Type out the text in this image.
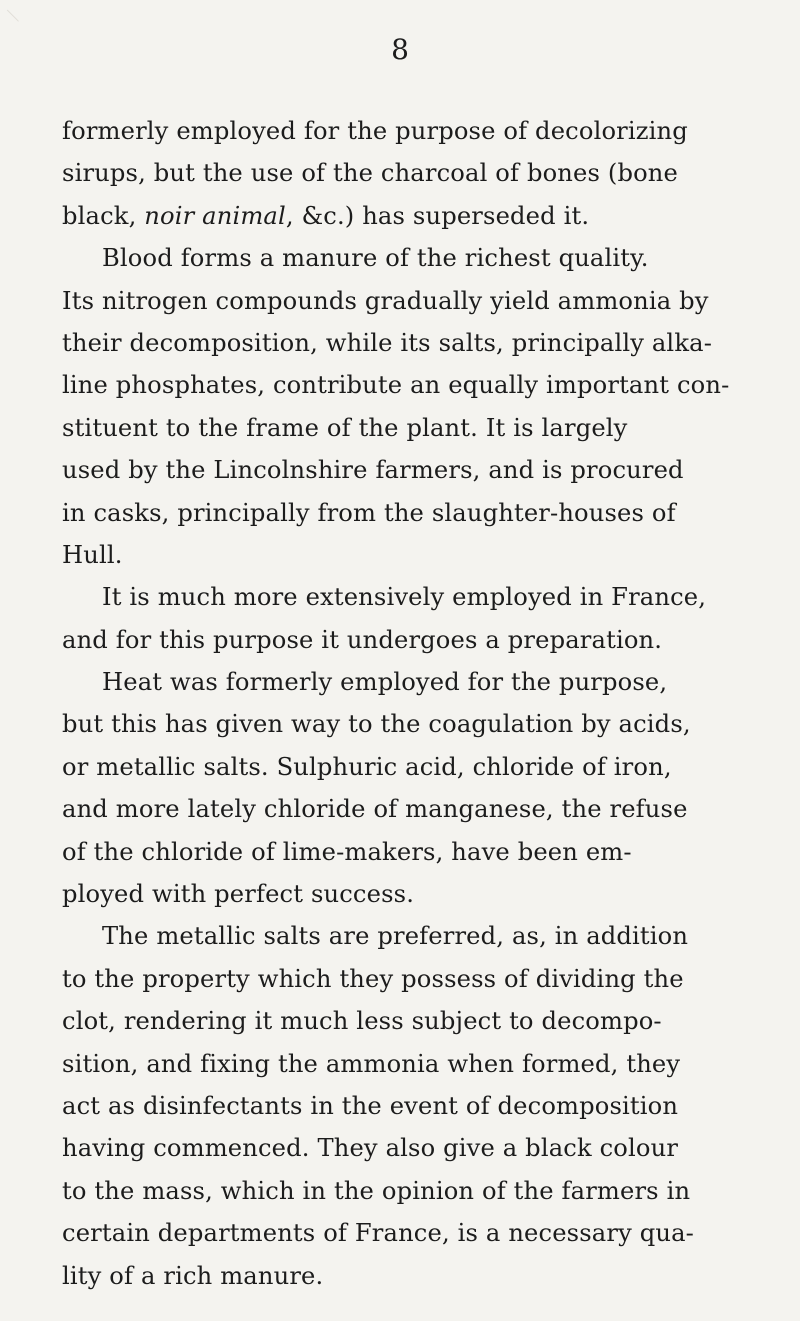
8
formerly employed for the purpose of decolorizing
sirups, but the use of the charcoal of bones (bone
black, noir animal, &c.) has superseded it.
Blood forms a manure of the richest quality.
Its nitrogen compounds gradually yield ammonia by
their decomposition, while its salts, principally alka-
line phosphates, contribute an equally important con-
stituent to the frame of the plant. It is largely
used by the Lincolnshire farmers, and is procured
in casks, principally from the slaughter-houses of
Hull.
It is much more extensively employed in France,
and for this purpose it undergoes a preparation.
Heat was formerly employed for the purpose,
but this has given way to the coagulation by acids,
or metallic salts. Sulphuric acid, chloride of iron,
and more lately chloride of manganese, the refuse
of the chloride of lime-makers, have been em-
ployed with perfect success.
The metallic salts are preferred, as, in addition
to the property which they possess of dividing the
clot, rendering it much less subject to decompo-
sition, and fixing the ammonia when formed, they
act as disinfectants in the event of decomposition
having commenced. They also give a black colour
to the mass, which in the opinion of the farmers in
certain departments of France, is a necessary qua-
lity of a rich manure.
